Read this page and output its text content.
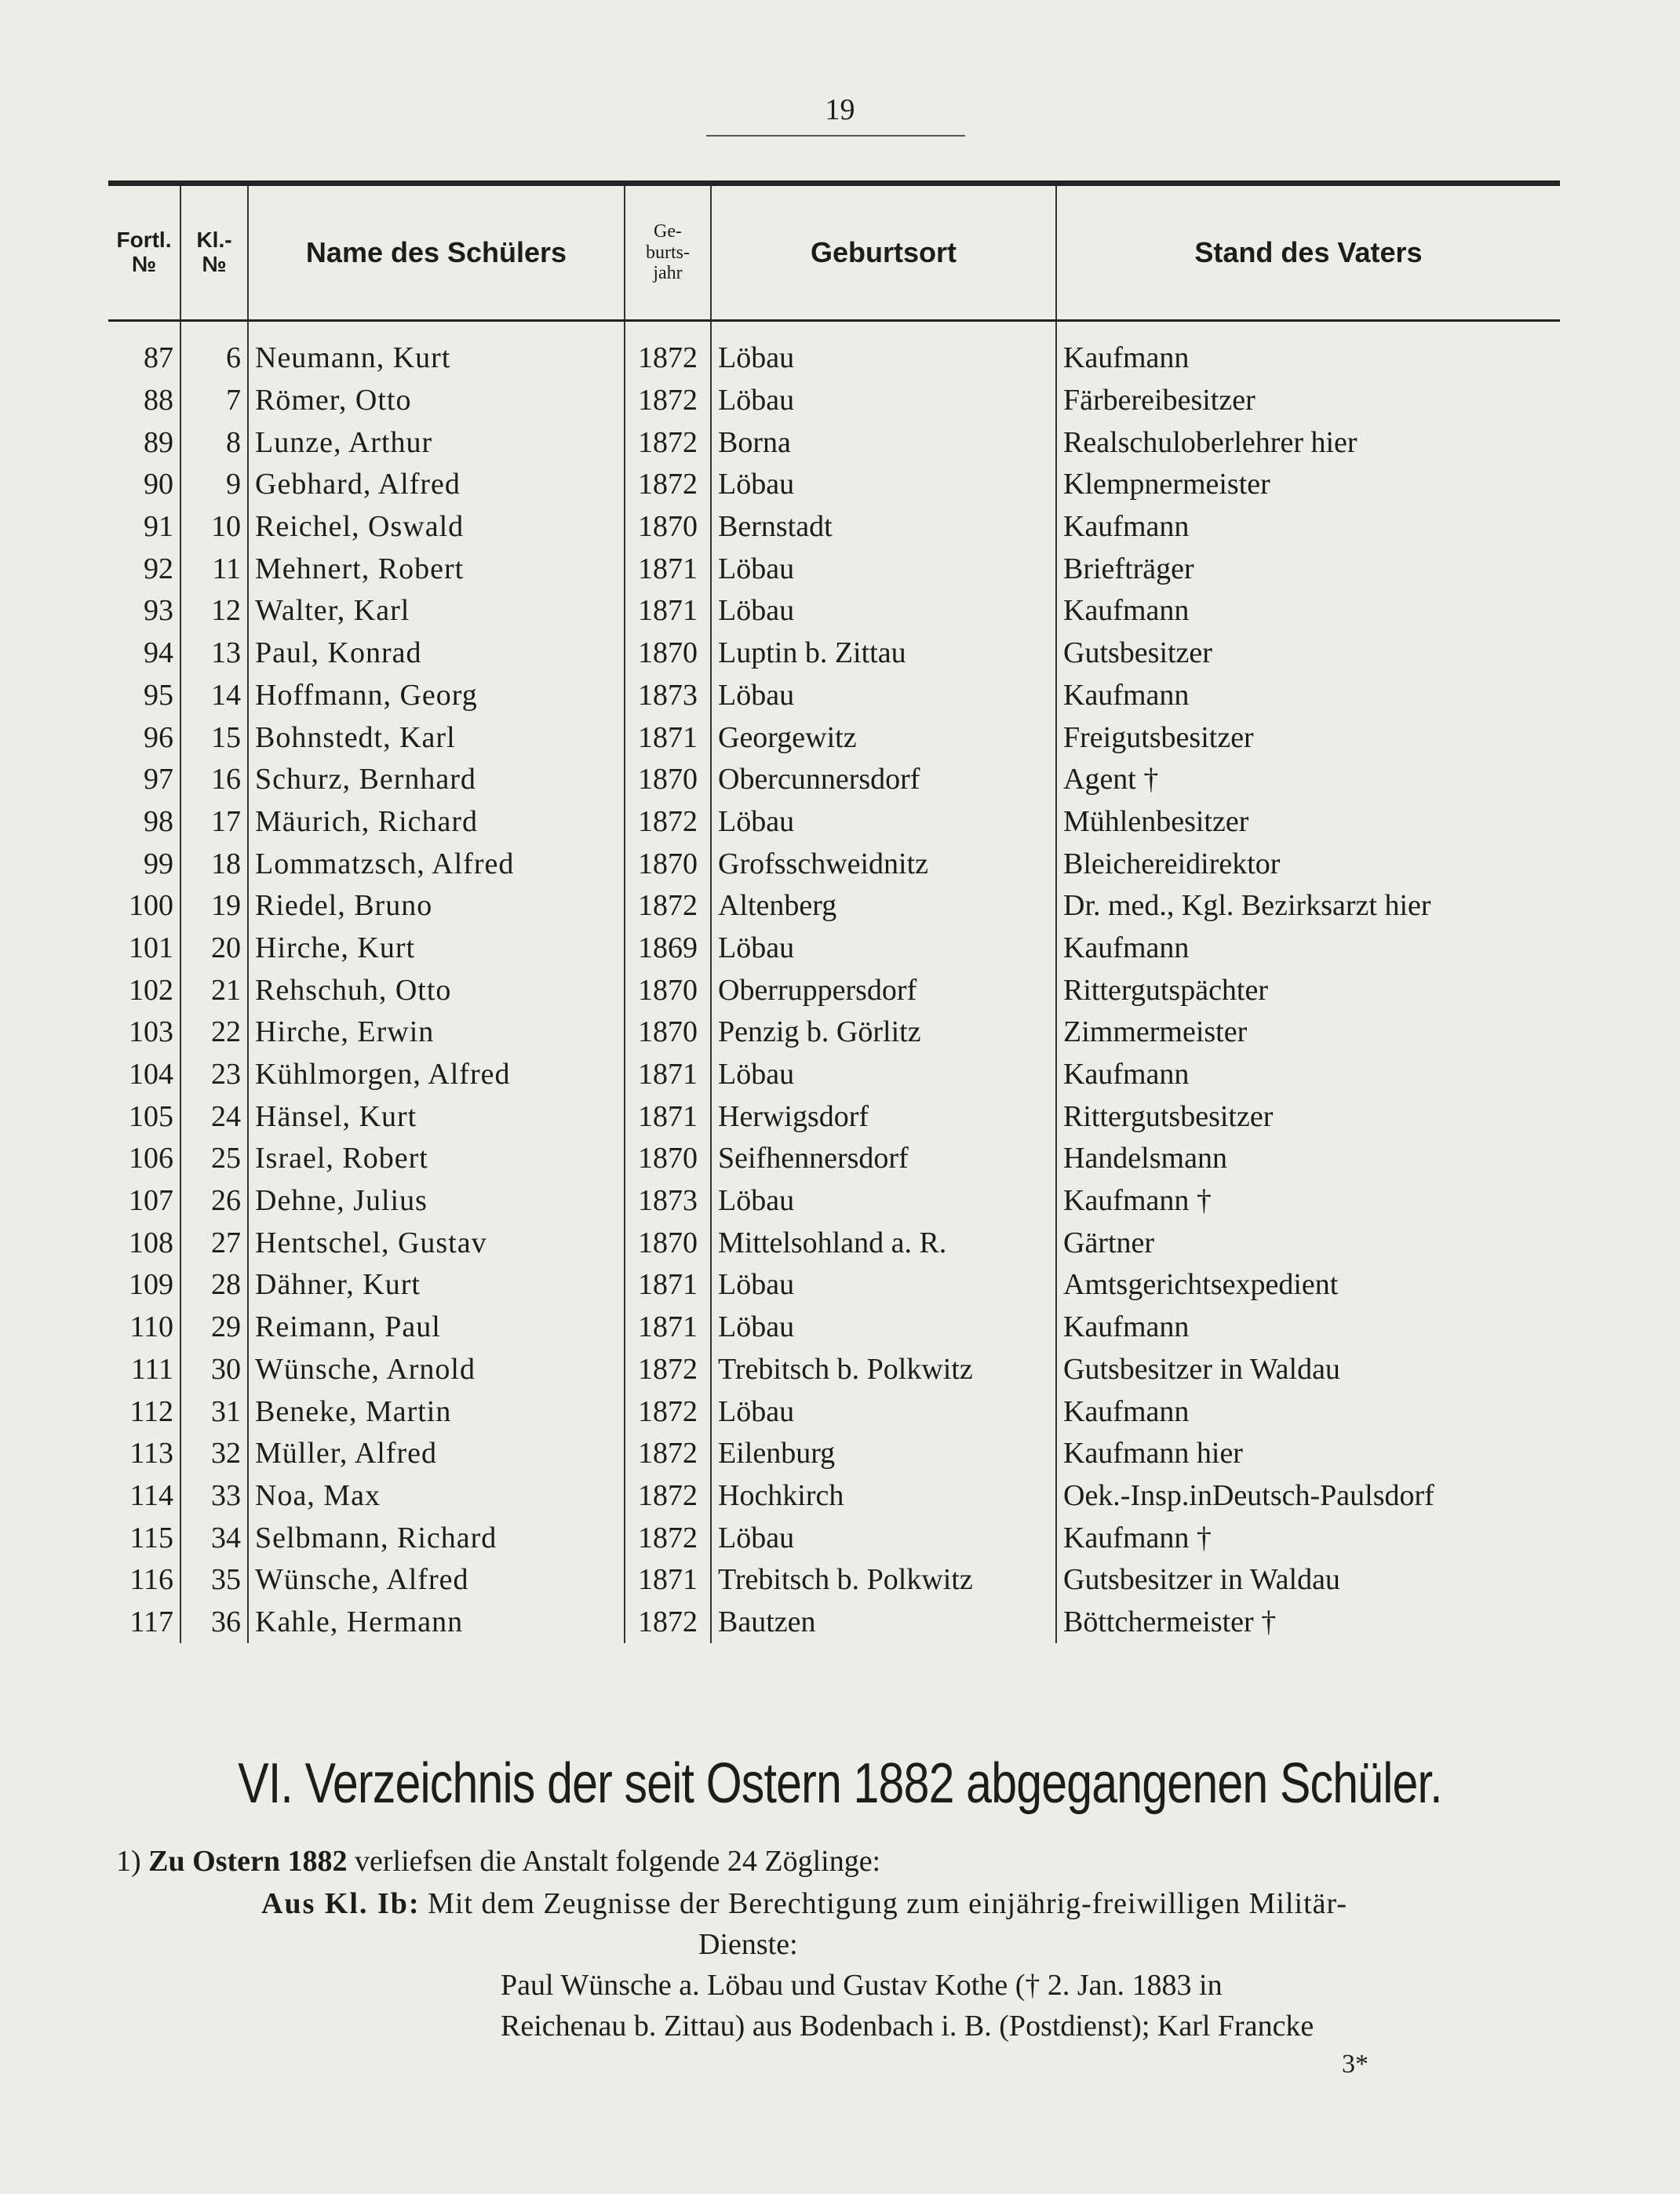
19
Fortl. №	Kl.- №	Name des Schülers	Ge- burts- jahr	Geburtsort	Stand des Vaters
87	6	Neumann, Kurt	1872	Löbau	Kaufmann
88	7	Römer, Otto	1872	Löbau	Färbereibesitzer
89	8	Lunze, Arthur	1872	Borna	Realschuloberlehrer hier
90	9	Gebhard, Alfred	1872	Löbau	Klempnermeister
91	10	Reichel, Oswald	1870	Bernstadt	Kaufmann
92	11	Mehnert, Robert	1871	Löbau	Briefträger
93	12	Walter, Karl	1871	Löbau	Kaufmann
94	13	Paul, Konrad	1870	Luptin b. Zittau	Gutsbesitzer
95	14	Hoffmann, Georg	1873	Löbau	Kaufmann
96	15	Bohnstedt, Karl	1871	Georgewitz	Freigutsbesitzer
97	16	Schurz, Bernhard	1870	Obercunnersdorf	Agent †
98	17	Mäurich, Richard	1872	Löbau	Mühlenbesitzer
99	18	Lommatzsch, Alfred	1870	Grofsschweidnitz	Bleichereidirektor
100	19	Riedel, Bruno	1872	Altenberg	Dr. med., Kgl. Bezirksarzt hier
101	20	Hirche, Kurt	1869	Löbau	Kaufmann
102	21	Rehschuh, Otto	1870	Oberruppersdorf	Rittergutspächter
103	22	Hirche, Erwin	1870	Penzig b. Görlitz	Zimmermeister
104	23	Kühlmorgen, Alfred	1871	Löbau	Kaufmann
105	24	Hänsel, Kurt	1871	Herwigsdorf	Rittergutsbesitzer
106	25	Israel, Robert	1870	Seifhennersdorf	Handelsmann
107	26	Dehne, Julius	1873	Löbau	Kaufmann †
108	27	Hentschel, Gustav	1870	Mittelsohland a. R.	Gärtner
109	28	Dähner, Kurt	1871	Löbau	Amtsgerichtsexpedient
110	29	Reimann, Paul	1871	Löbau	Kaufmann
111	30	Wünsche, Arnold	1872	Trebitsch b. Polkwitz	Gutsbesitzer in Waldau
112	31	Beneke, Martin	1872	Löbau	Kaufmann
113	32	Müller, Alfred	1872	Eilenburg	Kaufmann hier
114	33	Noa, Max	1872	Hochkirch	Oek.-Insp.inDeutsch-Paulsdorf
115	34	Selbmann, Richard	1872	Löbau	Kaufmann †
116	35	Wünsche, Alfred	1871	Trebitsch b. Polkwitz	Gutsbesitzer in Waldau
117	36	Kahle, Hermann	1872	Bautzen	Böttchermeister †
VI. Verzeichnis der seit Ostern 1882 abgegangenen Schüler.
1) Zu Ostern 1882 verliefsen die Anstalt folgende 24 Zöglinge:
Aus Kl. Ib: Mit dem Zeugnisse der Berechtigung zum einjährig-freiwilligen Militär-
Dienste:
Paul Wünsche a. Löbau und Gustav Kothe († 2. Jan. 1883 in
Reichenau b. Zittau) aus Bodenbach i. B. (Postdienst); Karl Francke
3*
